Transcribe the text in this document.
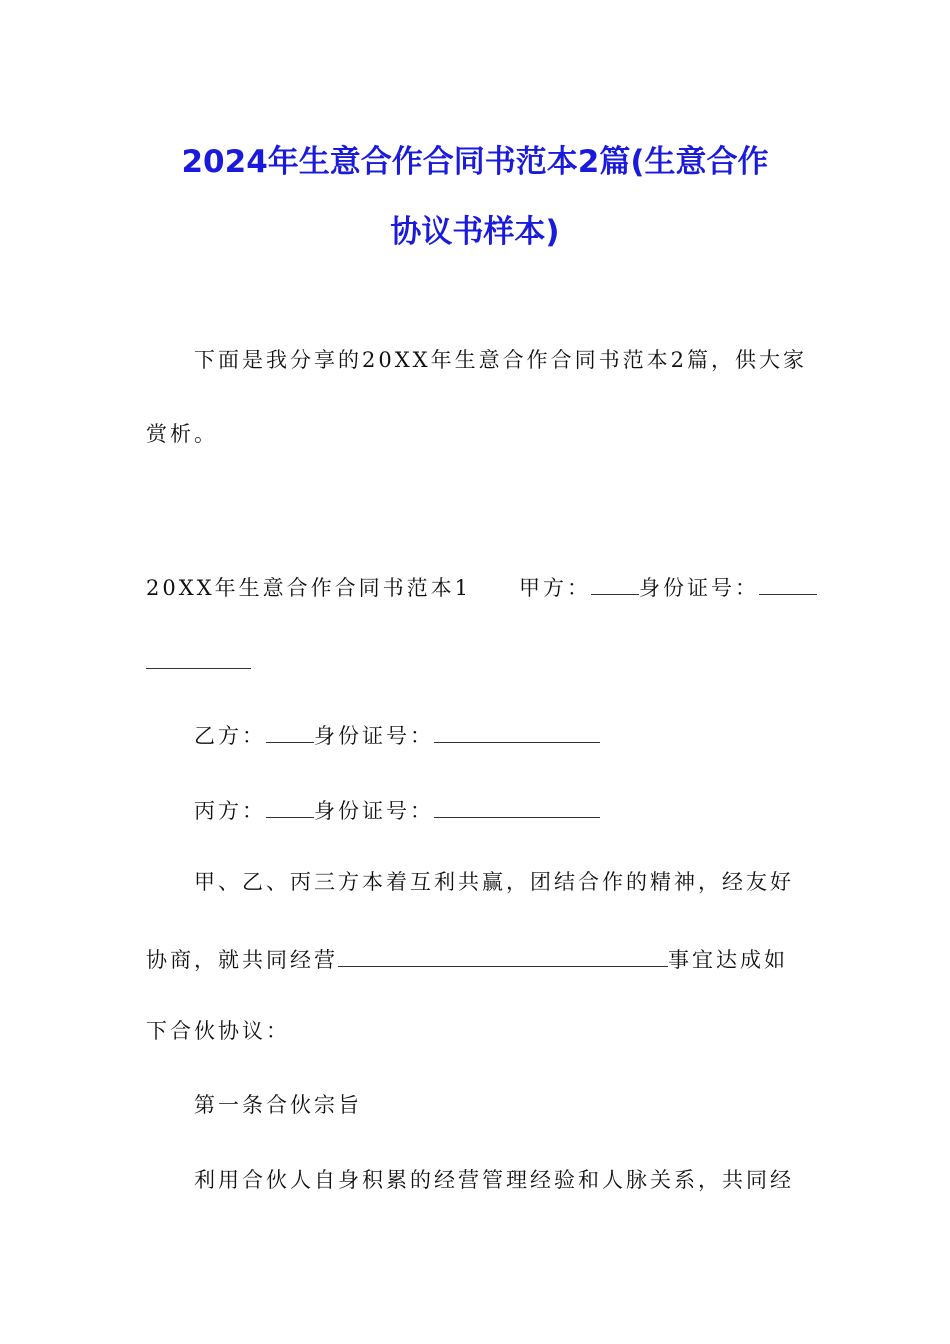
2024年生意合作合同书范本2篇(生意合作
协议书样本)
下面是我分享的20XX年生意合作合同书范本2篇，供大家
赏析。
20XX年生意合作合同书范本1 甲方： 身份证号：
乙方： 身份证号：
丙方： 身份证号：
甲、乙、丙三方本着互利共赢，团结合作的精神，经友好
协商，就共同经营	事宜达成如
下合伙协议：
第一条合伙宗旨
利用合伙人自身积累的经营管理经验和人脉关系，共同经
